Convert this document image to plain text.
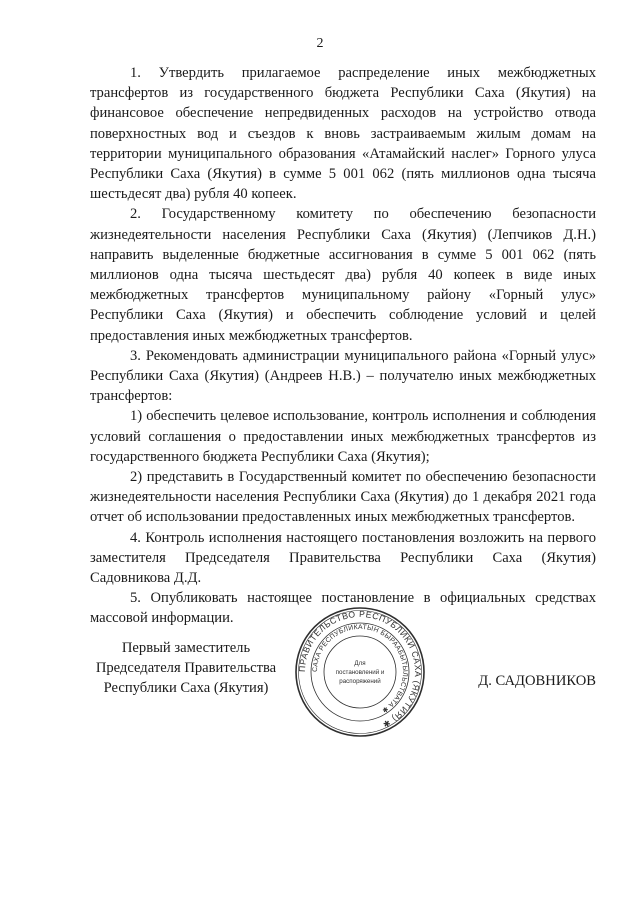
2

1. Утвердить прилагаемое распределение иных межбюджетных трансфертов из государственного бюджета Республики Саха (Якутия) на финансовое обеспечение непредвиденных расходов на устройство отвода поверхностных вод и съездов к вновь застраиваемым жилым домам на территории муниципального образования «Атамайский наслег» Горного улуса Республики Саха (Якутия) в сумме 5 001 062 (пять миллионов одна тысяча шестьдесят два) рубля 40 копеек.

2. Государственному комитету по обеспечению безопасности жизнедеятельности населения Республики Саха (Якутия) (Лепчиков Д.Н.) направить выделенные бюджетные ассигнования в сумме 5 001 062 (пять миллионов одна тысяча шестьдесят два) рубля 40 копеек в виде иных межбюджетных трансфертов муниципальному району «Горный улус» Республики Саха (Якутия) и обеспечить соблюдение условий и целей предоставления иных межбюджетных трансфертов.

3. Рекомендовать администрации муниципального района «Горный улус» Республики Саха (Якутия) (Андреев Н.В.) – получателю иных межбюджетных трансфертов:

1) обеспечить целевое использование, контроль исполнения и соблюдения условий соглашения о предоставлении иных межбюджетных трансфертов из государственного бюджета Республики Саха (Якутия);

2) представить в Государственный комитет по обеспечению безопасности жизнедеятельности населения Республики Саха (Якутия) до 1 декабря 2021 года отчет об использовании предоставленных иных межбюджетных трансфертов.

4. Контроль исполнения настоящего постановления возложить на первого заместителя Председателя Правительства Республики Саха (Якутия) Садовникова Д.Д.

5. Опубликовать настоящее постановление в официальных средствах массовой информации.

Первый заместитель
Председателя Правительства
Республики Саха (Якутия)
ПРАВИТЕЛЬСТВО РЕСПУБЛИКИ САХА (ЯКУТИЯ) ✱
САХА РЕСПУБЛИКАТЫН БЫРААБЫТЫЛЬСТВАТА ✱
Для
постановлений и
распоряжений	Д. САДОВНИКОВ
